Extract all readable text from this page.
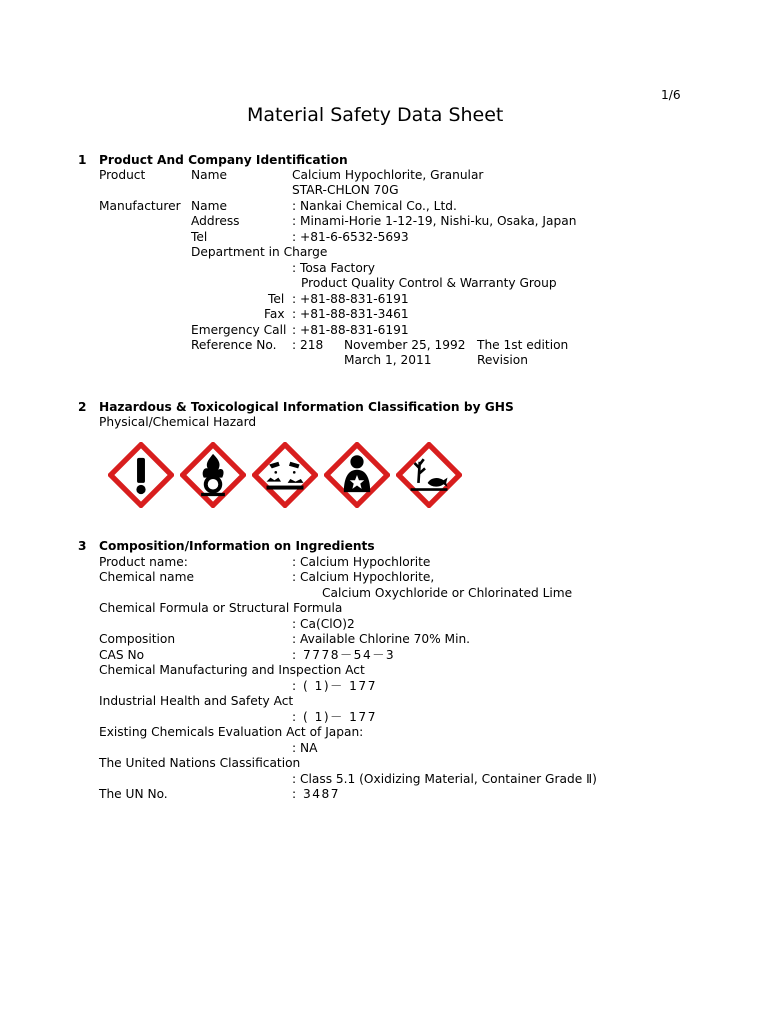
1/6
Material Safety Data Sheet
1 Product And Company Identification
Product	Name	Calcium Hypochlorite, Granular
STAR-CHLON 70G
Manufacturer Name	: Nankai Chemical Co., Ltd.
Address	: Minami-Horie 1-12-19, Nishi-ku, Osaka, Japan
Tel	: +81-6-6532-5693
Department in Charge
: Tosa Factory
Product Quality Control & Warranty Group
Tel : +81-88-831-6191
Fax : +81-88-831-3461
Emergency Call : +81-88-831-6191
Reference No. : 218 November 25, 1992 The 1st edition
March 1, 2011	Revision
2 Hazardous & Toxicological Information Classification by GHS
Physical/Chemical Hazard
3 Composition/Information on Ingredients
Product name:	: Calcium Hypochlorite
Chemical name	: Calcium Hypochlorite,
Calcium Oxychloride or Chlorinated Lime
Chemical Formula or Structural Formula
: Ca(ClO)2
Composition	: Available Chlorine 70% Min.
CAS No	: 7778－54－3
Chemical Manufacturing and Inspection Act
: ( 1)－ 177
Industrial Health and Safety Act
: ( 1)－ 177
Existing Chemicals Evaluation Act of Japan:
: NA
The United Nations Classification
: Class 5.1 (Oxidizing Material, Container Grade Ⅱ)
The UN No.	: 3487
